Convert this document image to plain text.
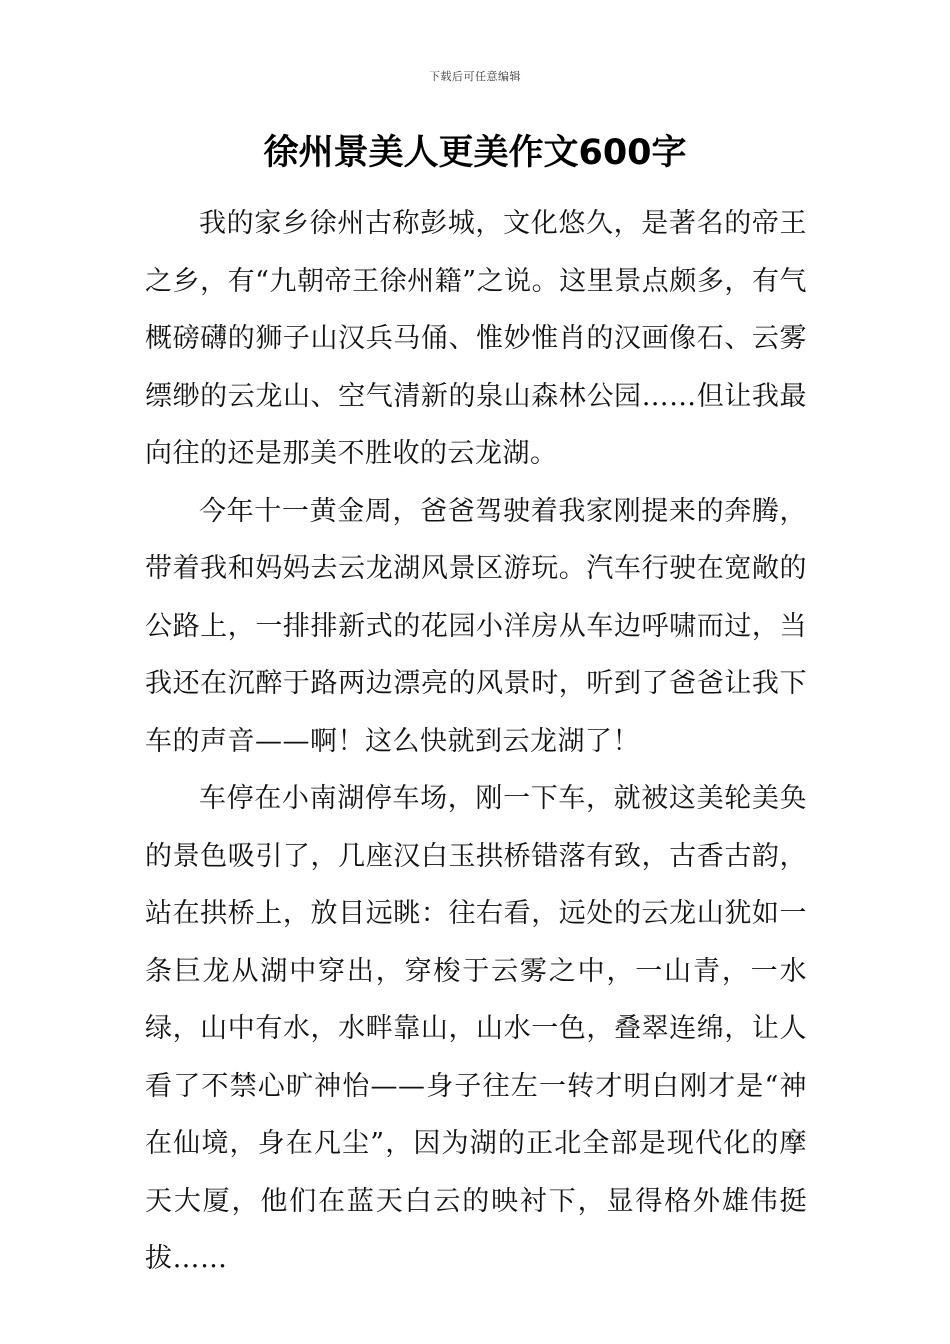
下载后可任意编辑
徐州景美人更美作文600字

我的家乡徐州古称彭城，文化悠久，是著名的帝王之乡，有“九朝帝王徐州籍”之说。这里景点颇多，有气概磅礴的狮子山汉兵马俑、惟妙惟肖的汉画像石、云雾缥缈的云龙山、空气清新的泉山森林公园……但让我最向往的还是那美不胜收的云龙湖。

今年十一黄金周，爸爸驾驶着我家刚提来的奔腾，带着我和妈妈去云龙湖风景区游玩。汽车行驶在宽敞的公路上，一排排新式的花园小洋房从车边呼啸而过，当我还在沉醉于路两边漂亮的风景时，听到了爸爸让我下车的声音——啊！这么快就到云龙湖了！

车停在小南湖停车场，刚一下车，就被这美轮美奂的景色吸引了，几座汉白玉拱桥错落有致，古香古韵，站在拱桥上，放目远眺：往右看，远处的云龙山犹如一条巨龙从湖中穿出，穿梭于云雾之中，一山青，一水绿，山中有水，水畔靠山，山水一色，叠翠连绵，让人看了不禁心旷神怡——身子往左一转才明白刚才是“神在仙境，身在凡尘”，因为湖的正北全部是现代化的摩天大厦，他们在蓝天白云的映衬下，显得格外雄伟挺拔……
